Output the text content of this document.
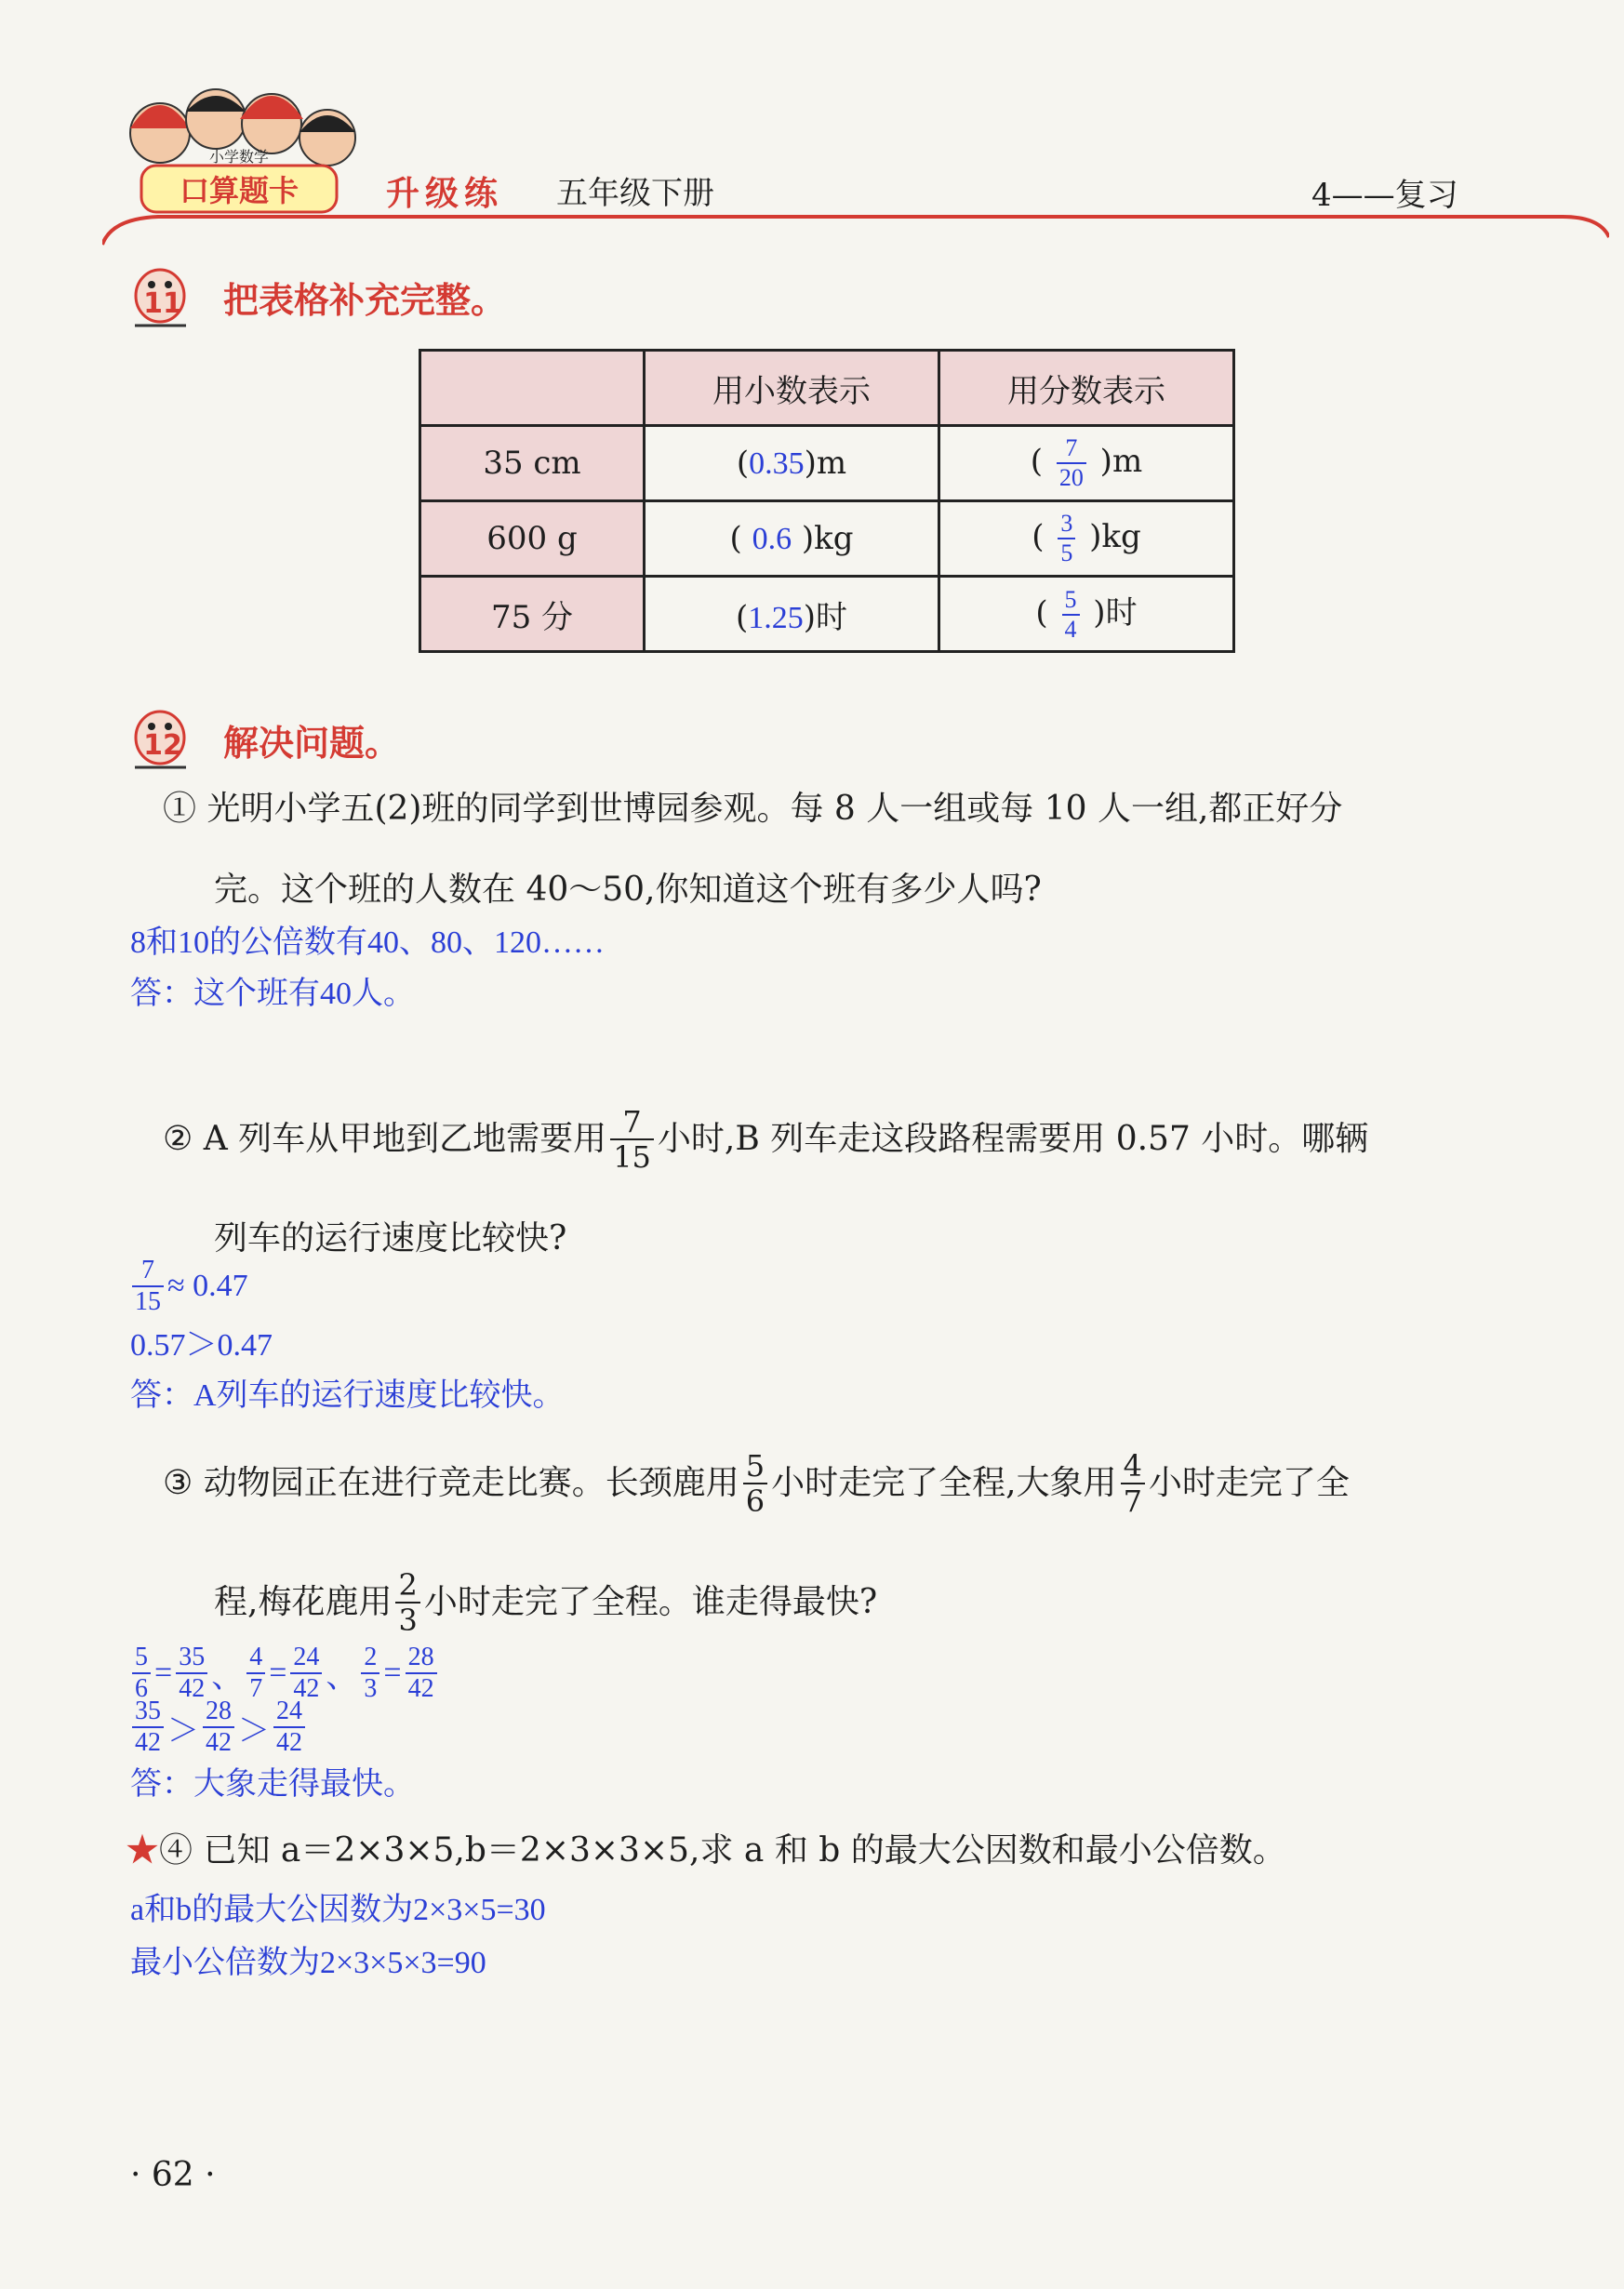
小学数学
口算题卡	升级练 五年级下册	4——复习
11 把表格补充完整。
	用小数表示	用分数表示
35 cm	(0.35)m	( $\frac{7}{20} )m$
600 g	( 0.6 )kg	( $\frac{3}{5} )kg$
75 分	(1.25)时	( $\frac{5}{4}$ )时
12 解决问题。
① 光明小学五(2)班的同学到世博园参观。每 8 人一组或每 10 人一组,都正好分
完。这个班的人数在 40～50,你知道这个班有多少人吗?
8和10的公倍数有40、80、120……
答：这个班有40人。
②
A 列车从甲地到乙地需要用 $\frac{7}{15}$ 小时,B 列车走这段路程需要用 0.57 小时。哪辆
列车的运行速度比较快?
$\frac{7}{15} \approx 0.47$
0.57＞0.47
答：A列车的运行速度比较快。
③
动物园正在进行竞走比赛。长颈鹿用 $\frac{5}{6}$ 小时走完了全程,大象用 $\frac{4}{7}$ 小时走完了全
程,梅花鹿用 $\frac{2}{3}$ 小时走完了全程。谁走得最快?
$\frac{5}{6} = \frac{35}{42}$ 、 $\frac{4}{7} = \frac{24}{42}$ 、 $\frac{2}{3} = \frac{28}{42}$
$\frac{35}{42} > \frac{28}{42} > \frac{24}{42}$
答：大象走得最快。
★④ 已知 a＝2×3×5,b＝2×3×3×5,求 a 和 b 的最大公因数和最小公倍数。
a和b的最大公因数为2×3×5=30
最小公倍数为2×3×5×3=90
· 62 ·
